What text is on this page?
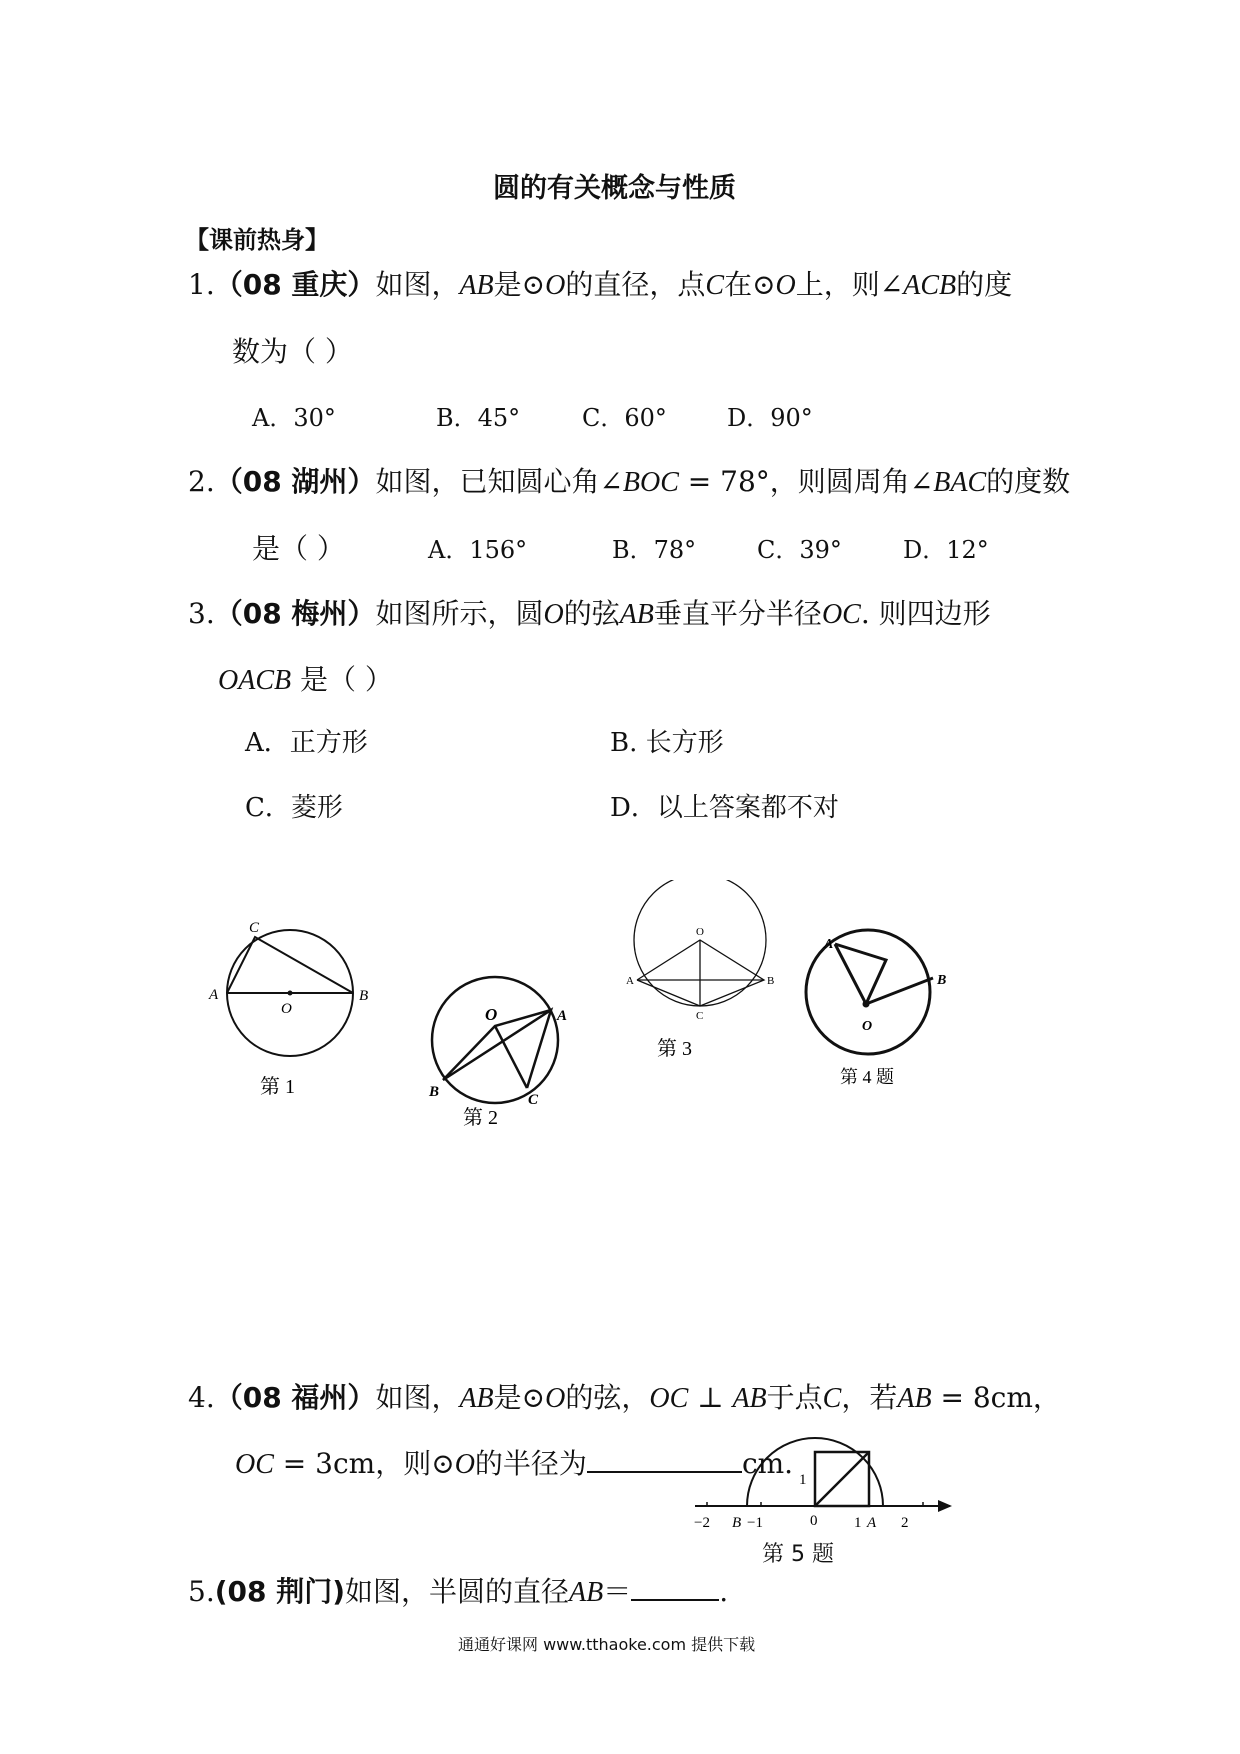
圆的有关概念与性质
【课前热身】
1.（08 重庆）如图，AB是⊙O的直径，点C在⊙O上，则∠ACB的度
数为（ ）
A．30°	B．45°	C．60°	D．90°
2.（08 湖州）如图，已知圆心角∠BOC = 78°，则圆周角∠BAC的度数
是（ ）	A．156°	B．78°	C．39°	D．12°
3.（08 梅州）如图所示，圆O的弦AB垂直平分半径OC. 则四边形
OACB 是（ ）
A．正方形	B. 长方形
C．菱形	D．以上答案都不对
C
A
O
B
第 1
O	A
B	C
第 2
O
A	B
C
第 3
A
B
O
第 4 题
4.（08 福州）如图，AB是⊙O的弦，OC ⊥ AB于点C，若AB = 8cm，
OC = 3cm，则⊙O的半径为	cm.
−2 B −1	0 1 A 2
1
第 5 题
5.(08 荆门)如图，半圆的直径AB＝	.
通通好课网 www.tthaoke.com 提供下载
